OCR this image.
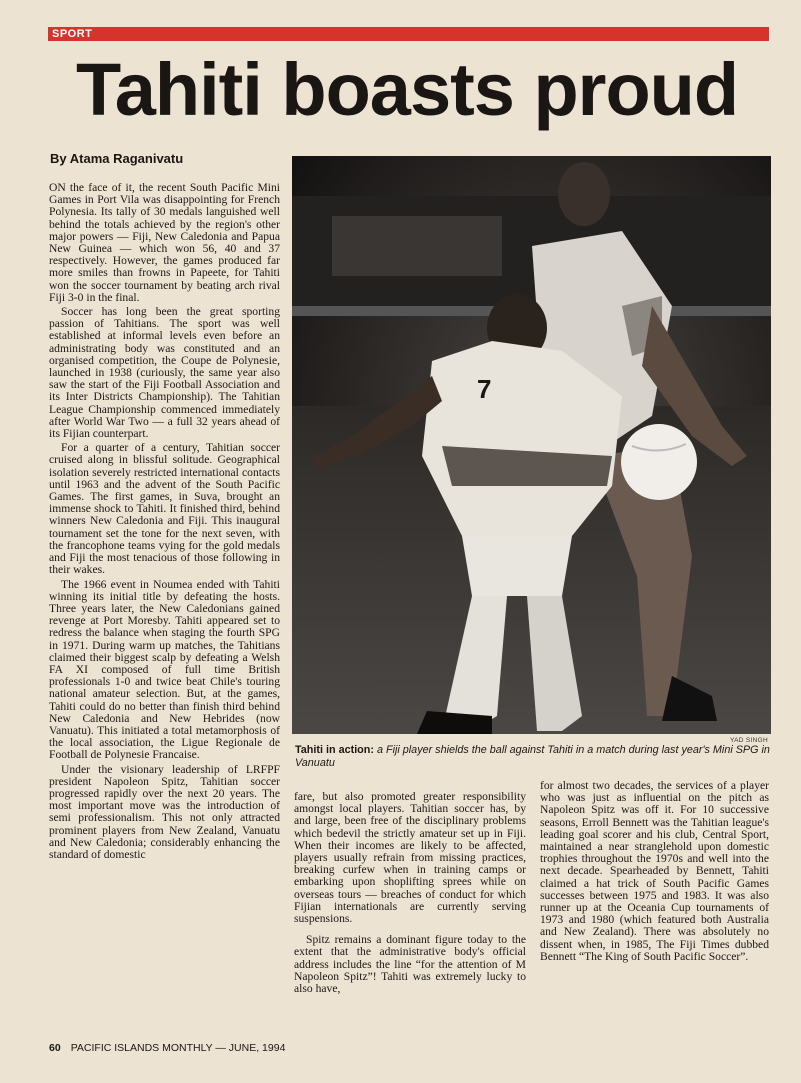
SPORT
Tahiti boasts proud
By Atama Raganivatu

ON the face of it, the recent South Pacific Mini Games in Port Vila was disappointing for French Polynesia. Its tally of 30 medals languished well behind the totals achieved by the region's other major powers — Fiji, New Caledonia and Papua New Guinea — which won 56, 40 and 37 respectively. However, the games produced far more smiles than frowns in Papeete, for Tahiti won the soccer tournament by beating arch rival Fiji 3-0 in the final.

Soccer has long been the great sporting passion of Tahitians. The sport was well established at informal levels even before an administrating body was constituted and an organised competition, the Coupe de Polynesie, launched in 1938 (curiously, the same year also saw the start of the Fiji Football Association and its Inter Districts Championship). The Tahitian League Championship commenced immediately after World War Two — a full 32 years ahead of its Fijian counterpart.

For a quarter of a century, Tahitian soccer cruised along in blissful solitude. Geographical isolation severely restricted international contacts until 1963 and the advent of the South Pacific Games. The first games, in Suva, brought an immense shock to Tahiti. It finished third, behind winners New Caledonia and Fiji. This inaugural tournament set the tone for the next seven, with the francophone teams vying for the gold medals and Fiji the most tenacious of those following in their wakes.

The 1966 event in Noumea ended with Tahiti winning its initial title by defeating the hosts. Three years later, the New Caledonians gained revenge at Port Moresby. Tahiti appeared set to redress the balance when staging the fourth SPG in 1971. During warm up matches, the Tahitians claimed their biggest scalp by defeating a Welsh FA XI composed of full time British professionals 1-0 and twice beat Chile's touring national amateur selection. But, at the games, Tahiti could do no better than finish third behind New Caledonia and New Hebrides (now Vanuatu). This initiated a total metamorphosis of the local association, the Ligue Regionale de Football de Polynesie Francaise.

Under the visionary leadership of LRFPF president Napoleon Spitz, Tahitian soccer progressed rapidly over the next 20 years. The most important move was the introduction of semi professionalism. This not only attracted prominent players from New Zealand, Vanuatu and New Caledonia; considerably enhancing the standard of domestic

7
YAD SINGH
Tahiti in action: a Fiji player shields the ball against Tahiti in a match during last year's Mini SPG in Vanuatu

fare, but also promoted greater responsibility amongst local players. Tahitian soccer has, by and large, been free of the disciplinary problems which bedevil the strictly amateur set up in Fiji. When their incomes are likely to be affected, players usually refrain from missing practices, breaking curfew when in training camps or embarking upon shoplifting sprees while on overseas tours — breaches of conduct for which Fijian internationals are currently serving suspensions.

Spitz remains a dominant figure today to the extent that the administrative body's official address includes the line “for the attention of M Napoleon Spitz”! Tahiti was extremely lucky to also have,

for almost two decades, the services of a player who was just as influential on the pitch as Napoleon Spitz was off it. For 10 successive seasons, Erroll Bennett was the Tahitian league's leading goal scorer and his club, Central Sport, maintained a near stranglehold upon domestic trophies throughout the 1970s and well into the next decade. Spearheaded by Bennett, Tahiti claimed a hat trick of South Pacific Games successes between 1975 and 1983. It was also runner up at the Oceania Cup tournaments of 1973 and 1980 (which featured both Australia and New Zealand). There was absolutely no dissent when, in 1985, The Fiji Times dubbed Bennett “The King of South Pacific Soccer”.

60 PACIFIC ISLANDS MONTHLY — JUNE, 1994
